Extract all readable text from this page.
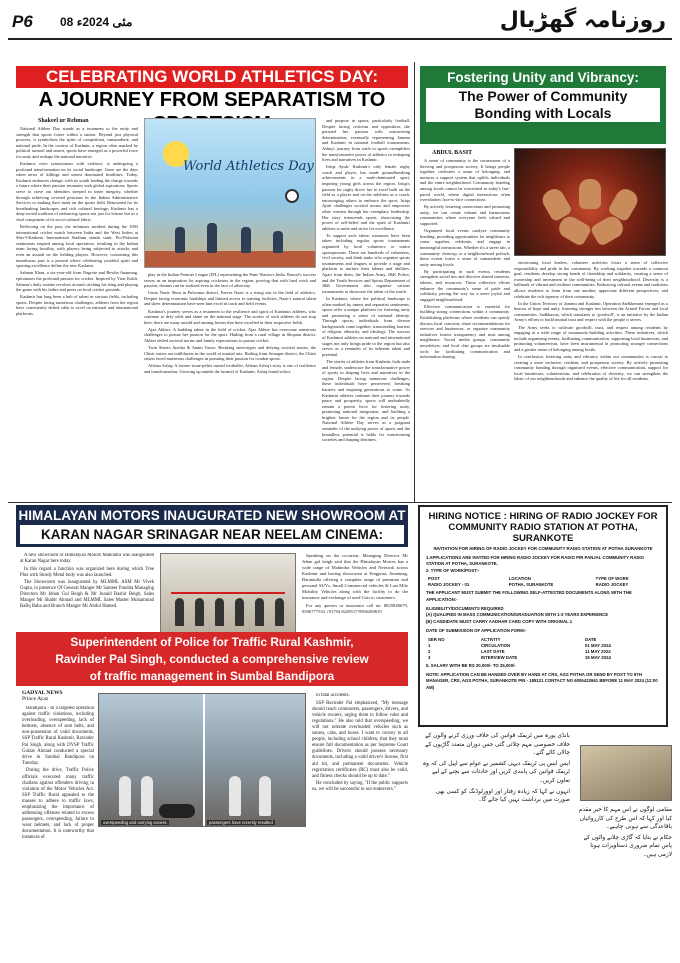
P6 08 مئی 2024ء	روزنامہ گھڑیال
CELEBRATING WORLD ATHLETICS DAY:
A JOURNEY FROM SEPARATISM TO
Shakeel ur Rehman

National Athlete Day stands as a testament to the unity and strength that sports foster within a nation. Beyond just physical prowess, it symbolizes the spirit of competition, camaraderie, and national pride. In the context of Kashmir, a region often marked by political turmoil and unrest, sports have emerged as a powerful force for unity and reshape the national narrative.

Kashmir, once synonymous with violence, is undergoing a profound transformation on its social landscape. Gone are the days when news of killings and unrest dominated headlines. Today, Kashmir embraces change, with its youth leading the charge towards a future where their passion resonates with global aspirations. Sports serve to carve out identities steeped in inner integrity, whether through achieving coveted positions in the Indian Administrative Services or making their mark on the sports field. Renowned for its breathtaking landscapes and rich cultural heritage, Kashmir has a deep-rooted tradition of embracing sports not just for leisure but as a vital component of its socio-cultural fabric.

Reflecting on the past, the infamous incident during the 1983 international cricket match between India and the West Indies at Sher-I-Kashmir International Stadium stands stark. Pro-Pakistan sentiments erupted among local spectators, resulting in the Indian team facing hostility, with players being subjected to attacks and even an assault on the fielding players. However, contrasting this tumultuous past is a present where celebrating youthful spirit and sporting excellence define the new Kashmir.

Salman Khan, a six-year-old from Nagrote and Bewha Anantnag, epitomizes the profound passion for cricket. Inspired by Virat Kohli, Salman's daily routine revolves around catching his sling and playing the game with his father and peers on local cricket grounds.

Kashmir has long been a hub of talent in various fields, including sports. Despite facing numerous challenges, athletes from the region have consistently defied odds to excel on national and international platforms.

World Athletics Day

play in the Indian Premier League (IPL) representing the Pune Warriors India. Rasool's success serves as an inspiration for aspiring cricketers in the region, proving that with hard work and passion, dreams can be realized even in the face of adversity.

Umar Nazir: Born in Pulwama district, Parvez Nazir is a rising star in the field of athletics. Despite facing economic hardships and limited access to training facilities, Nazir's natural talent and sheer determination have seen him excel in track and field events.

Kashmir's journey serves as a testament to the resilience and spirit of Kashmiri athletes, who continue to defy odds and shine on the national stage. The stories of such athletes do not stop here; there are many untold and unsung heroes that have excelled in their respective fields.

Ajaz Akhter: A budding talent in the field of cricket, Ajaz Akhter has overcome numerous challenges to pursue her passion for the sport. Hailing from a rural village in Shopian district, Akhter defied societal norms and family expectations to pursue cricket.

Twin Sisters Ayesha & Anam Tawiz: Breaking stereotypes and defying societal norms, the Chisti sisters are trailblazers in the world of martial arts. Hailing from Srinagar district, the Chisti sisters faced numerous challenges in pursuing their passion for combat sports.

Afshan Ashiq: A former stone-pelter turned footballer, Afshan Ashiq's story is one of resilience and transformation. Growing up amidst the turmoil of Kashmir, Ashiq found solace

and purpose in sports, particularly football. Despite facing criticism and opposition, she pursued her passion with unwavering determination, eventually representing Jammu and Kashmir in national football tournaments. Ashiq's journey from strife to sports exemplifies the transformative power of athletics in reshaping lives and narratives in Kashmir.

Irtiqa Ayub: Kashmir's only female rugby coach and player, has made groundbreaking achievements in a male-dominated sport, inspiring young girls across the region. Irtiqa's passion for rugby drove her to excel both on the field as a player and on the sidelines as a coach, encouraging others to embrace the sport. Irtiqa Ayub challenges societal norms and empowers other women through her exemplary leadership. Her story transcends sports, showcasing the power of self-belief and the spirit of Kashmiri athletes to unite and strive for excellence.

To support such talent, measures have been taken including regular sports tournaments organized by local volunteers or senior sportspersons. These are hundreds of volunteers, civil society, and think tanks who organize sports tournaments and leagues to provide a stage and platform to nurture their talents and abilities. Apart from them, the Indian Army, J&K Police, and the Youth Services and Sports Department of J&K Government also organize various tournaments to showcase the talent of the youth.

In Kashmir, where the political landscape is often marked by unrest and separatist sentiments, sports offer a unique platform for fostering unity and promoting a sense of national identity. Through sports, individuals from diverse backgrounds come together, transcending barriers of religion, ethnicity, and ideology. The success of Kashmiri athletes on national and international stages not only brings pride to the region but also serves as a reminder of its inherent talent and potential.

The stories of athletes from Kashmir, both male and female, underscore the transformative power of sports in shaping lives and narratives in the region. Despite facing numerous challenges, these individuals have persevered, breaking barriers and inspiring generations to come. As Kashmiri athletes continue their journey towards peace and prosperity, sports will undoubtedly remain a potent force for fostering unity, promoting national integration, and building a brighter future for the region and its people. National Athlete Day serves as a poignant reminder of the unifying power of sports and the boundless potential it holds for transforming societies and shaping destinies.

Fostering Unity and Vibrancy:
The Power of Community
Bonding with Locals
ABDUL BASIT

A sense of community is the cornerstone of a thriving and prosperous society. It brings people together, cultivates a sense of belonging, and nurtures a support system that uplifts individuals and the entire neighborhood. Community bonding among locals cannot be overstated in today's fast-paced world, where digital interactions often overshadow face-to-face connections.

By actively fostering connections and promoting unity, we can create vibrant and harmonious communities where everyone feels valued and supported.

Organized local events catalyze community bonding, providing opportunities for neighbours to come together, celebrate, and engage in meaningful interactions. Whether it's a street fair, a community clean-up, or a neighbourhood potluck, these events foster a sense of camaraderie and unity among locals.

By participating in such events, residents strengthen social ties and discover shared interests, talents, and resources. These collective efforts enhance the community's sense of pride and solidarity, paving the way for a more joyful and engaged neighbourhood.

Effective communication is essential for building strong connections within a community. Establishing platforms where residents can openly discuss local concerns, share recommendations for services and businesses, or organize community initiatives fosters transparency and trust among neighbours. Social media groups, community newsletters, and local chat groups are invaluable tools for facilitating communication and information sharing.

envisioning local leaders, volunteer activities foster a sense of collective responsibility and pride in the community. By working together towards a common goal, residents develop strong bonds of friendship and solidarity, creating a sense of ownership and investment in the well-being of their neighbourhood. Diversity is a hallmark of vibrant and resilient communities. Embracing cultural events and traditions allows residents to learn from one another, appreciate different perspectives, and celebrate the rich tapestry of their community.

In the Union Territory of Jammu and Kashmir, Operation Sadbhavana emerged as a beacon of hope and unity, fostering stronger ties between the Armed Forces and local communities. Sadbhavna, which translates to 'goodwill', is an initiative by the Indian Army's efforts to build mutual trust and respect with the people it serves.

The Army seeks to cultivate goodwill, trust, and respect among residents by engaging in a wide range of community-building activities. These initiatives, which include organizing events, facilitating communication, supporting local businesses, and promoting volunteerism, have been instrumental in promoting stronger connections and a greater sense of belonging among locals.

In conclusion, fostering unity and vibrancy within our communities is crucial to creating a more inclusive, resilient, and prosperous society. By actively promoting community bonding through organized events, effective communication, support for local businesses, volunteerism, and celebration of diversity, we can strengthen the fabric of our neighbourhoods and enhance the quality of life for all residents.

HIMALAYAN MOTORS INAUGURATED NEW SHOWROOM AT
KARAN NAGAR SRINAGAR NEAR NEELAM CINEMA:

A new showroom of Himalayan Motors Mahindra was inaugurated at Karan Nagar here today.

In this regard a function was organized here during which Tree Plus with Sturdy Metal body was also launched.

The Showroom was inaugurated by MLMML ASM Mr Vivek Gupta, in presence Of General Manger Mr Sameer Pandita Managing Directors Mr Jehan Gul Beigh & Mr Junaid Bashir Beigh, Sales Manger Mr Shabir Ahmad and MLMML Sales Master Mohammad Rafiq Baba and Branch Manger Mr Abdul Hamed.

Speaking on the occasion, Managing Director Mr Jehan gul beigh said that the Himalayan Motors has a wide range of Mahindra Vehicles and Network across Kashmir and having showroom at Tengpora, Anantnag, Baramulla offering a complete range of premium and personal SUVs, Small Commercial vehicles & Last Mile Mobility Vehicles along with the facility to do the insurance and exchange of used Cars to customers.

For any queries or assistance call no: 8825848679, 9596777533 +91794 8228517/9596200819

HIRING NOTICE : HIRING OF RADIO JOCKEY FOR
COMMUNITY RADIO STATION AT POTHA,
SURANKOTE
INVITATION FOR HIRING OF RADIO JOCKEY FOR COMMUNITY RADIO STATION AT POTHA SURANKOTE
1 APPLICATIONS ARE INVITED FOR HIRING RADIO JOCKEY FOR RADIO PIR PANJAL COMMUNITY RADIO STATION AT POTHA, SURANKOTE.
2. TYPE OF WORK/POST:-
POST	LOCATION	TYPE OF WORK
RADIO JOCKEY - 01	POTHA, SURANKOTE	RADIO JOCKEY
THE APPLICANT MUST SUBMIT THE FOLLOWING SELF-ATTESTED DOCUMENTS ALONG WITH THE APPLICATION:-
ELIGIBILITY/DOCUMENTS REQUIRED
(A) QUALIFIED IN MASS COMMUNICATION/GRADUATION WITH 1-3 YEARS EXPERIENCE
(B) CANDIDATE MUST CARRY AADHAR CARD COPY WITH ORIGINAL 1
DATE OF SUBMISSION OF APPLICATION FORM:-
SER NO	ACTIVITY	DATE
1	CIRCULATION	01 MAY 2024
2	LAST DATE	11 MAY 2024
3	INTERVIEW DATE	15 MAY 2024
5. SALARY WITH BE RS 20,000/- TO 25,000/-
NOTE: APPLICATION CAN BE HANDED OVER BY HAND AT CRS, AGS POTHA OR SEND BY POST TO 5TH MANAGER, CRS, AGS POTHA, SURANKOTE PIN - 185121 CONTACT NO 6006422661 BEFORE 11 MAY 2024 (12:00 AM)
Superintendent of Police for Traffic Rural Kashmir,
Ravinder Pal Singh, conducted a comprehensive review
of traffic management in Sumbal Bandipora
GADYAL NEWS
Prince Ayaz

Bandipora - In a targeted operation against traffic violations, including overloading, overspeeding, lack of helmets, absence of seat belts, and non-possession of valid documents, SSP Traffic Rural Kashmir, Ravinder Pal Singh, along with DYSP Traffic Gulzar Ahmad conducted a special drive in Sumbal Bandipora on Tuesday.

During the drive, Traffic Police officials executed many traffic challans against offenders driving in violation of the Motor Vehicles Act. SSP Traffic Rural appealed to the masses to adhere to traffic laws, emphasizing the importance of addressing offenses related to excess passengers, overspeeding, failure to wear helmets, and lack of proper documentation. It is noteworthy that instances of

overspeeding and carrying excess	passengers have recently resulted

in fatal accidents.

SSP Ravinder Pal emphasized, "My message should reach commuters, passengers, drivers, and vehicle owners, urging them to follow rules and regulations." He also told that overspeeding, we will not tolerate overloaded vehicles such as sumos, cabs, and buses. I want to convey to all people, including school children, that they must ensure full documentation as per Supreme Court guidelines. Drivers should possess necessary documents, including a valid driver's license, first aid kit, and permanent documents. Vehicle registration certificates (RC) must also be valid, and fitness checks should be up to date."

He concluded by saying, "If the public supports us, we will be successful in our endeavors."

بانڈی پورہ میں ٹریفک قوانین کی خلاف ورزی کرنے والوں کے خلاف خصوصی مہم چلائی گئی جس دوران متعدد گاڑیوں کے چالان کاٹے گئے۔

ایس ایس پی ٹریفک دیہی کشمیر نے عوام سے اپیل کی کہ وہ ٹریفک قوانین کی پابندی کریں اور حادثات سے بچنے کے لیے تعاون کریں۔

انہوں نے کہا کہ زیادہ رفتار اور اوورلوڈنگ کو کسی بھی صورت میں برداشت نہیں کیا جائے گا۔

مقامی لوگوں نے اس مہم کا خیر مقدم کیا اور کہا کہ اس طرح کی کارروائیاں باقاعدگی سے ہونی چاہیے۔

حکام نے بتایا کہ گاڑی چلانے والوں کے پاس تمام ضروری دستاویزات ہونا لازمی ہیں۔
